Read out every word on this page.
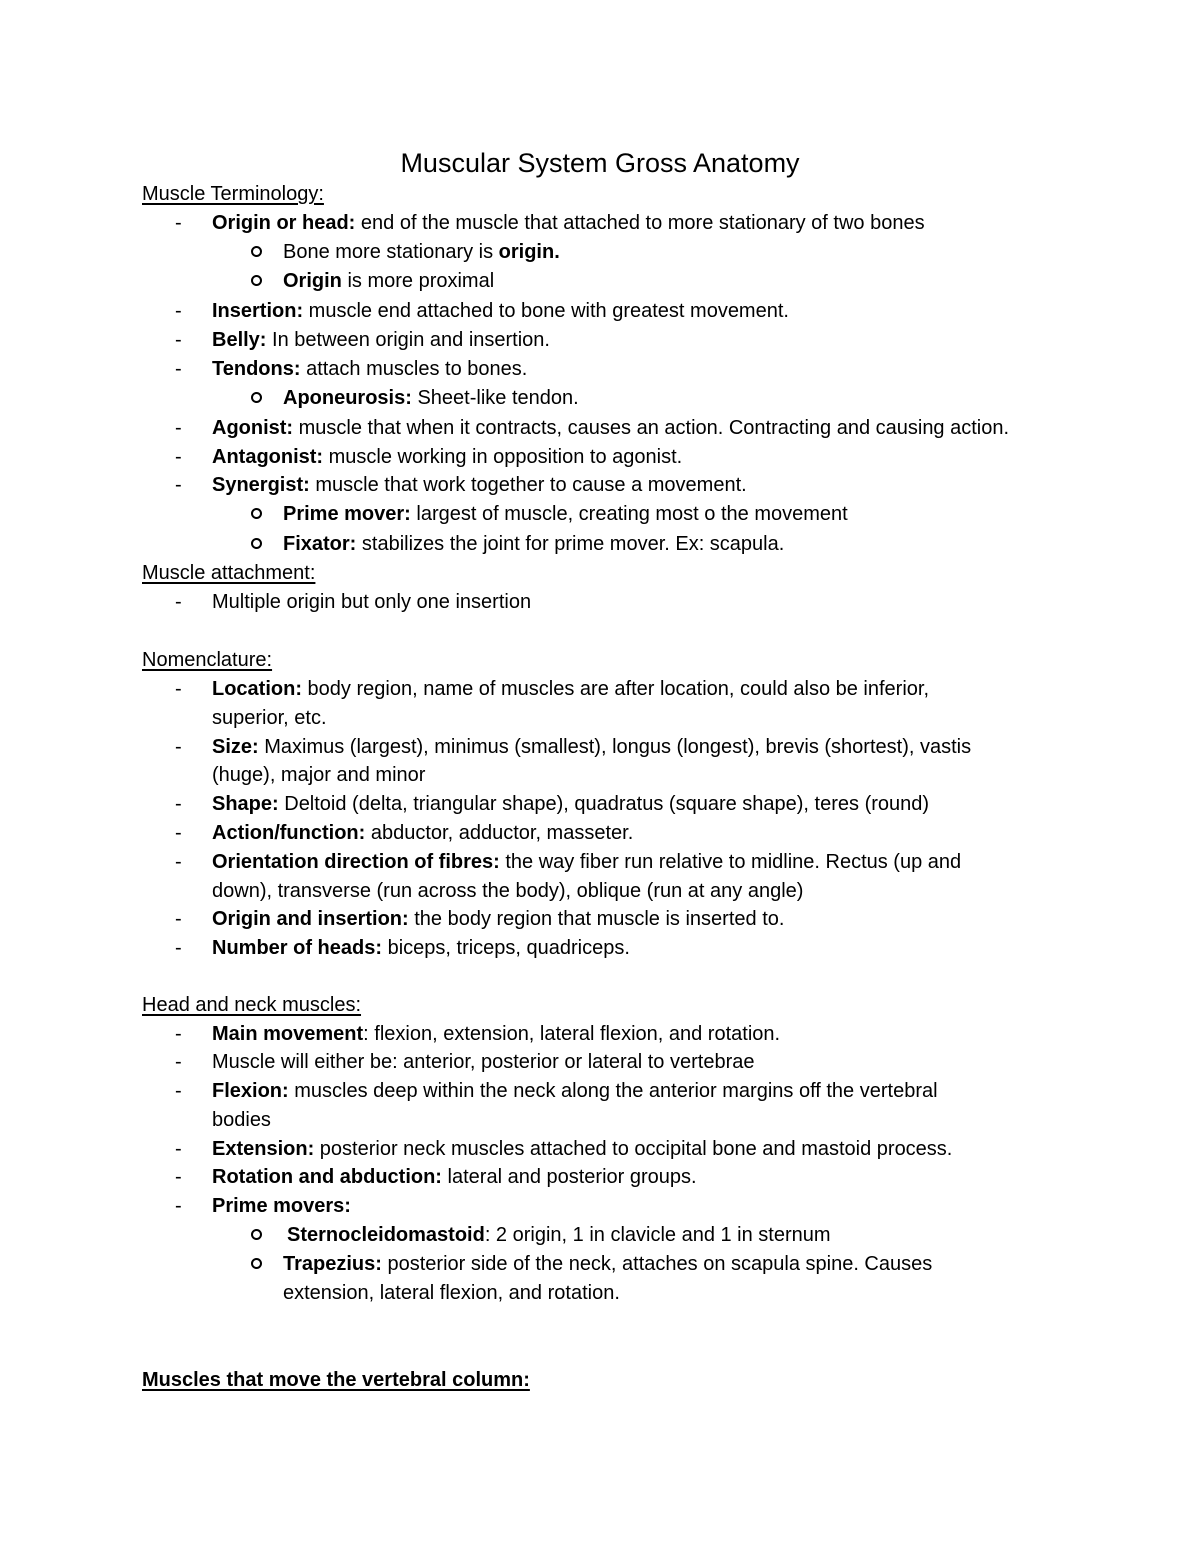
Muscular System Gross Anatomy
Muscle Terminology:
- Origin or head: end of the muscle that attached to more stationary of two bones
Bone more stationary is origin.
Origin is more proximal
- Insertion: muscle end attached to bone with greatest movement.
- Belly: In between origin and insertion.
- Tendons: attach muscles to bones.
Aponeurosis: Sheet-like tendon.
- Agonist: muscle that when it contracts, causes an action. Contracting and causing action.
- Antagonist: muscle working in opposition to agonist.
- Synergist: muscle that work together to cause a movement.
Prime mover: largest of muscle, creating most o the movement
Fixator: stabilizes the joint for prime mover. Ex: scapula.
Muscle attachment:
- Multiple origin but only one insertion
Nomenclature:
- Location: body region, name of muscles are after location, could also be inferior,
superior, etc.
- Size: Maximus (largest), minimus (smallest), longus (longest), brevis (shortest), vastis
(huge), major and minor
- Shape: Deltoid (delta, triangular shape), quadratus (square shape), teres (round)
- Action/function: abductor, adductor, masseter.
- Orientation direction of fibres: the way fiber run relative to midline. Rectus (up and
down), transverse (run across the body), oblique (run at any angle)
- Origin and insertion: the body region that muscle is inserted to.
- Number of heads: biceps, triceps, quadriceps.
Head and neck muscles:
- Main movement: flexion, extension, lateral flexion, and rotation.
- Muscle will either be: anterior, posterior or lateral to vertebrae
- Flexion: muscles deep within the neck along the anterior margins off the vertebral
bodies
- Extension: posterior neck muscles attached to occipital bone and mastoid process.
- Rotation and abduction: lateral and posterior groups.
- Prime movers:
Sternocleidomastoid: 2 origin, 1 in clavicle and 1 in sternum
Trapezius: posterior side of the neck, attaches on scapula spine. Causes
extension, lateral flexion, and rotation.
Muscles that move the vertebral column:
